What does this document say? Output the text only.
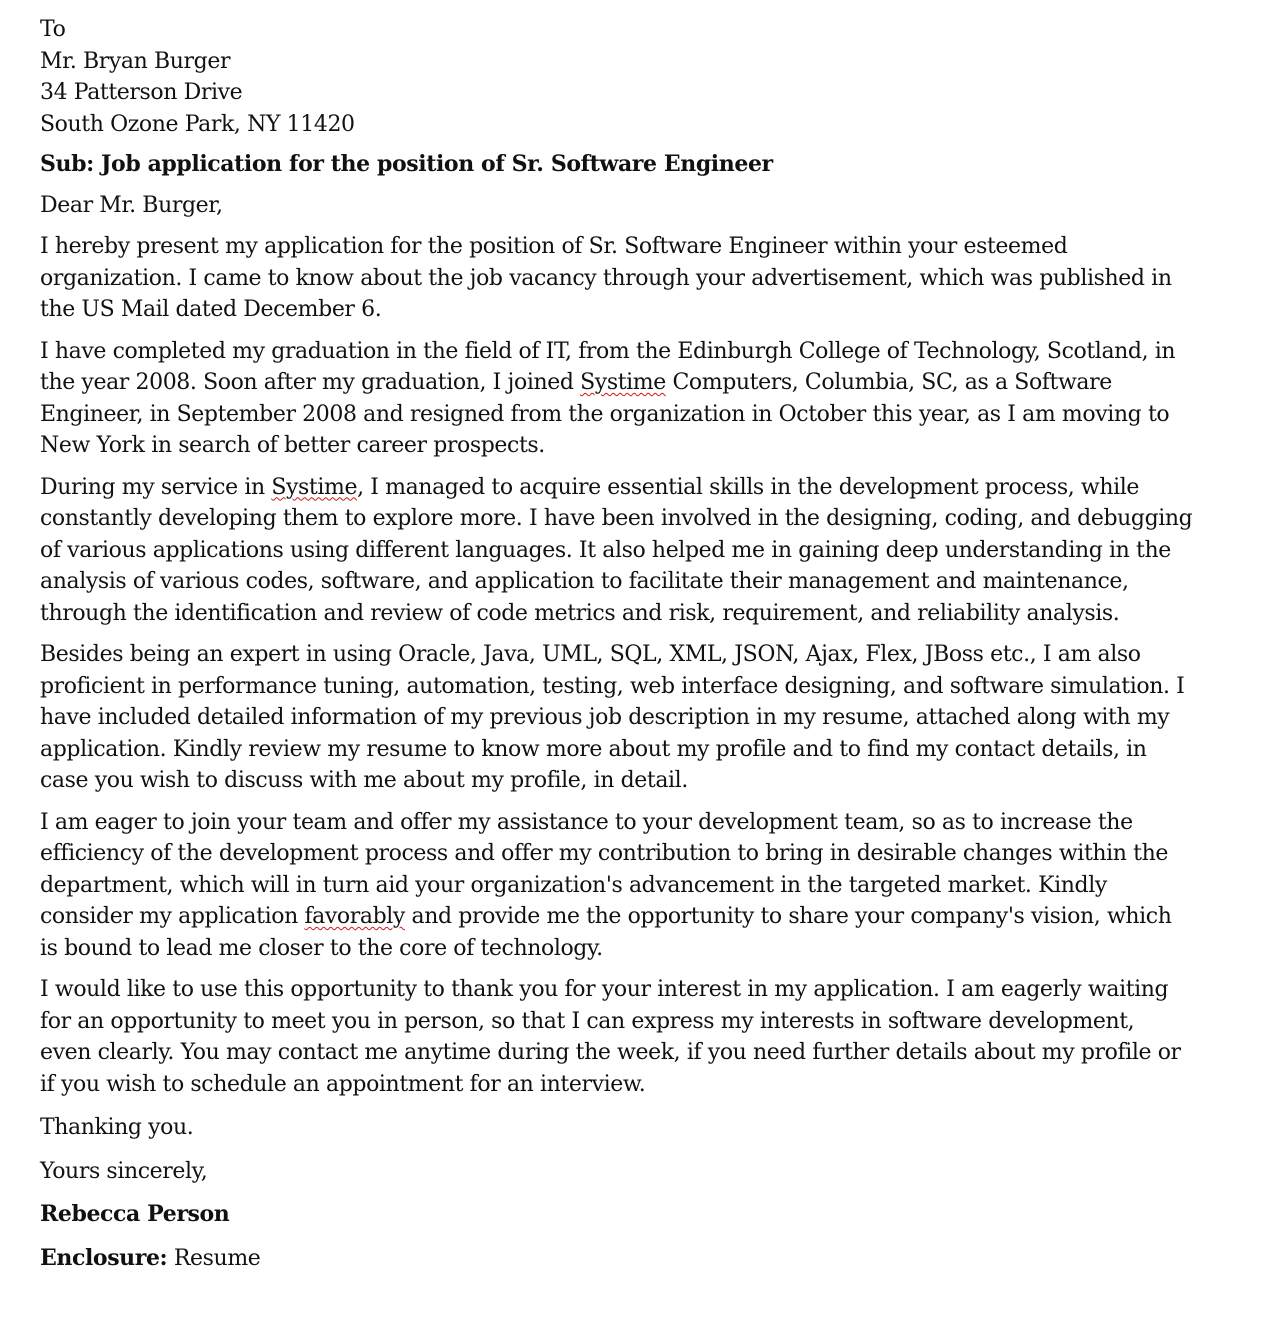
To
Mr. Bryan Burger
34 Patterson Drive
South Ozone Park, NY 11420
Sub: Job application for the position of Sr. Software Engineer
Dear Mr. Burger,
I hereby present my application for the position of Sr. Software Engineer within your esteemed
organization. I came to know about the job vacancy through your advertisement, which was published in
the US Mail dated December 6.
I have completed my graduation in the field of IT, from the Edinburgh College of Technology, Scotland, in
the year 2008. Soon after my graduation, I joined Systime Computers, Columbia, SC, as a Software
Engineer, in September 2008 and resigned from the organization in October this year, as I am moving to
New York in search of better career prospects.
During my service in Systime, I managed to acquire essential skills in the development process, while
constantly developing them to explore more. I have been involved in the designing, coding, and debugging
of various applications using different languages. It also helped me in gaining deep understanding in the
analysis of various codes, software, and application to facilitate their management and maintenance,
through the identification and review of code metrics and risk, requirement, and reliability analysis.
Besides being an expert in using Oracle, Java, UML, SQL, XML, JSON, Ajax, Flex, JBoss etc., I am also
proficient in performance tuning, automation, testing, web interface designing, and software simulation. I
have included detailed information of my previous job description in my resume, attached along with my
application. Kindly review my resume to know more about my profile and to find my contact details, in
case you wish to discuss with me about my profile, in detail.
I am eager to join your team and offer my assistance to your development team, so as to increase the
efficiency of the development process and offer my contribution to bring in desirable changes within the
department, which will in turn aid your organization's advancement in the targeted market. Kindly
consider my application favorably and provide me the opportunity to share your company's vision, which
is bound to lead me closer to the core of technology.
I would like to use this opportunity to thank you for your interest in my application. I am eagerly waiting
for an opportunity to meet you in person, so that I can express my interests in software development,
even clearly. You may contact me anytime during the week, if you need further details about my profile or
if you wish to schedule an appointment for an interview.
Thanking you.
Yours sincerely,
Rebecca Person
Enclosure: Resume
